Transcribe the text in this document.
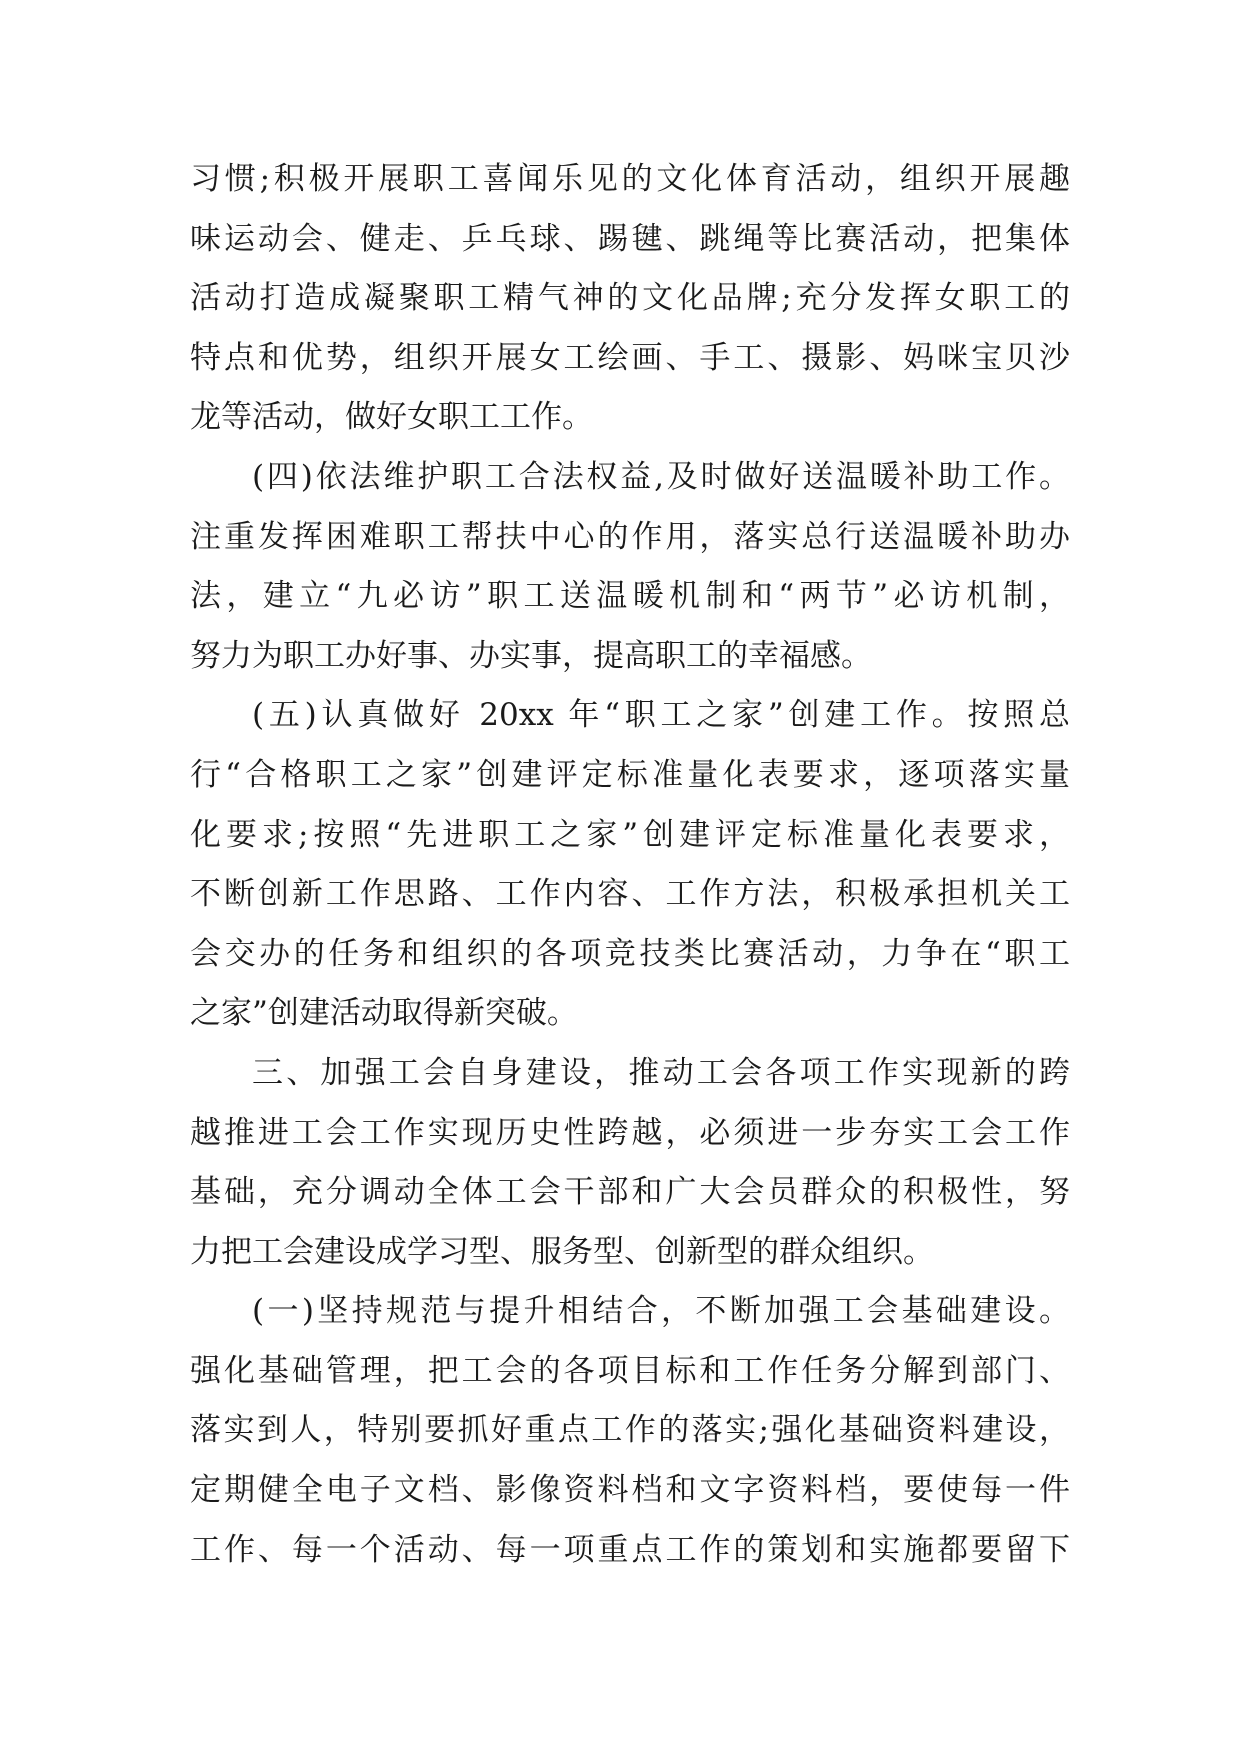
习惯;积极开展职工喜闻乐见的文化体育活动，组织开展趣
味运动会、健走、乒乓球、踢毽、跳绳等比赛活动，把集体
活动打造成凝聚职工精气神的文化品牌;充分发挥女职工的
特点和优势，组织开展女工绘画、手工、摄影、妈咪宝贝沙
龙等活动，做好女职工工作。
(四)依法维护职工合法权益,及时做好送温暖补助工作。
注重发挥困难职工帮扶中心的作用，落实总行送温暖补助办
法，建立“九必访”职工送温暖机制和“两节”必访机制，
努力为职工办好事、办实事，提高职工的幸福感。
(五)认真做好 20xx 年“职工之家”创建工作。按照总
行“合格职工之家”创建评定标准量化表要求，逐项落实量
化要求;按照“先进职工之家”创建评定标准量化表要求，
不断创新工作思路、工作内容、工作方法，积极承担机关工
会交办的任务和组织的各项竞技类比赛活动，力争在“职工
之家”创建活动取得新突破。
三、加强工会自身建设，推动工会各项工作实现新的跨
越推进工会工作实现历史性跨越，必须进一步夯实工会工作
基础，充分调动全体工会干部和广大会员群众的积极性，努
力把工会建设成学习型、服务型、创新型的群众组织。
(一)坚持规范与提升相结合，不断加强工会基础建设。
强化基础管理，把工会的各项目标和工作任务分解到部门、
落实到人，特别要抓好重点工作的落实;强化基础资料建设，
定期健全电子文档、影像资料档和文字资料档，要使每一件
工作、每一个活动、每一项重点工作的策划和实施都要留下
